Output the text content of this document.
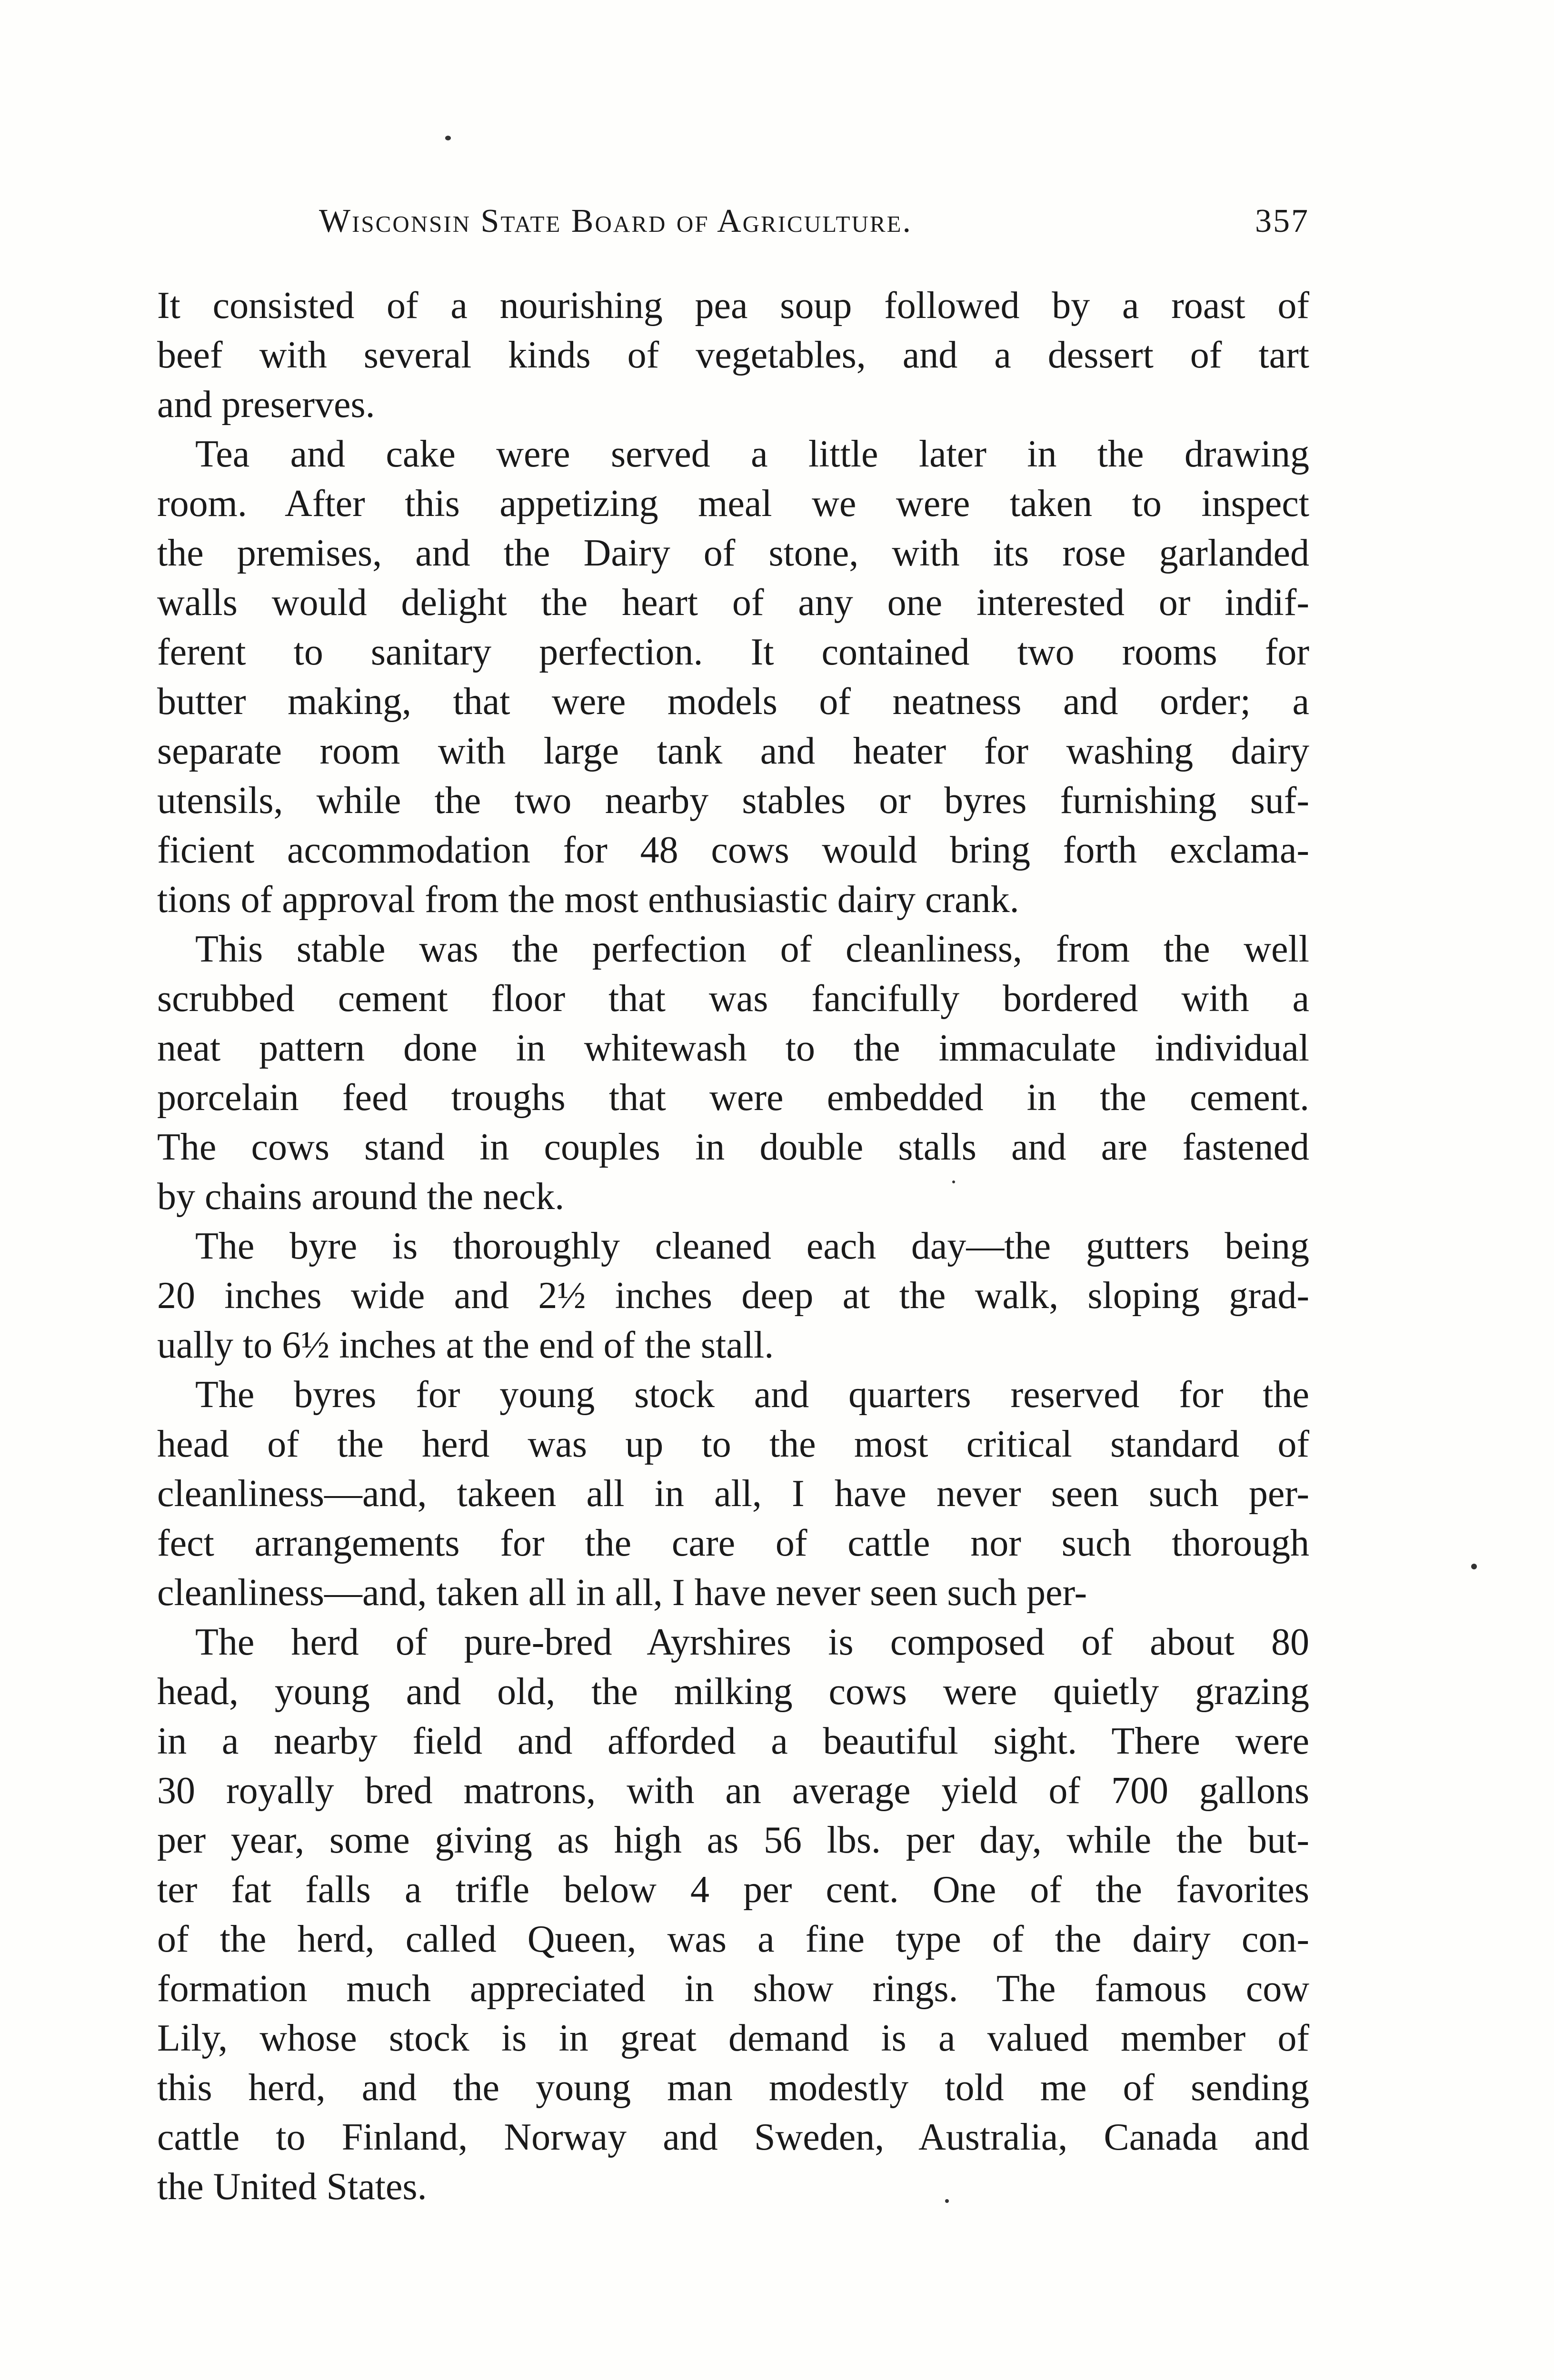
Wisconsin State Board of Agriculture.	357
It consisted of a nourishing pea soup followed by a roast of
beef with several kinds of vegetables, and a dessert of tart
and preserves.
Tea and cake were served a little later in the drawing
room. After this appetizing meal we were taken to inspect
the premises, and the Dairy of stone, with its rose garlanded
walls would delight the heart of any one interested or indif-
ferent to sanitary perfection. It contained two rooms for
butter making, that were models of neatness and order; a
separate room with large tank and heater for washing dairy
utensils, while the two nearby stables or byres furnishing suf-
ficient accommodation for 48 cows would bring forth exclama-
tions of approval from the most enthusiastic dairy crank.
This stable was the perfection of cleanliness, from the well
scrubbed cement floor that was fancifully bordered with a
neat pattern done in whitewash to the immaculate individual
porcelain feed troughs that were embedded in the cement.
The cows stand in couples in double stalls and are fastened
by chains around the neck.
The byre is thoroughly cleaned each day—the gutters being
20 inches wide and 2½ inches deep at the walk, sloping grad-
ually to 6½ inches at the end of the stall.
The byres for young stock and quarters reserved for the
head of the herd was up to the most critical standard of
cleanliness—and, takeen all in all, I have never seen such per-
fect arrangements for the care of cattle nor such thorough
cleanliness—and, taken all in all, I have never seen such per-
The herd of pure-bred Ayrshires is composed of about 80
head, young and old, the milking cows were quietly grazing
in a nearby field and afforded a beautiful sight. There were
30 royally bred matrons, with an average yield of 700 gallons
per year, some giving as high as 56 lbs. per day, while the but-
ter fat falls a trifle below 4 per cent. One of the favorites
of the herd, called Queen, was a fine type of the dairy con-
formation much appreciated in show rings. The famous cow
Lily, whose stock is in great demand is a valued member of
this herd, and the young man modestly told me of sending
cattle to Finland, Norway and Sweden, Australia, Canada and
the United States.
